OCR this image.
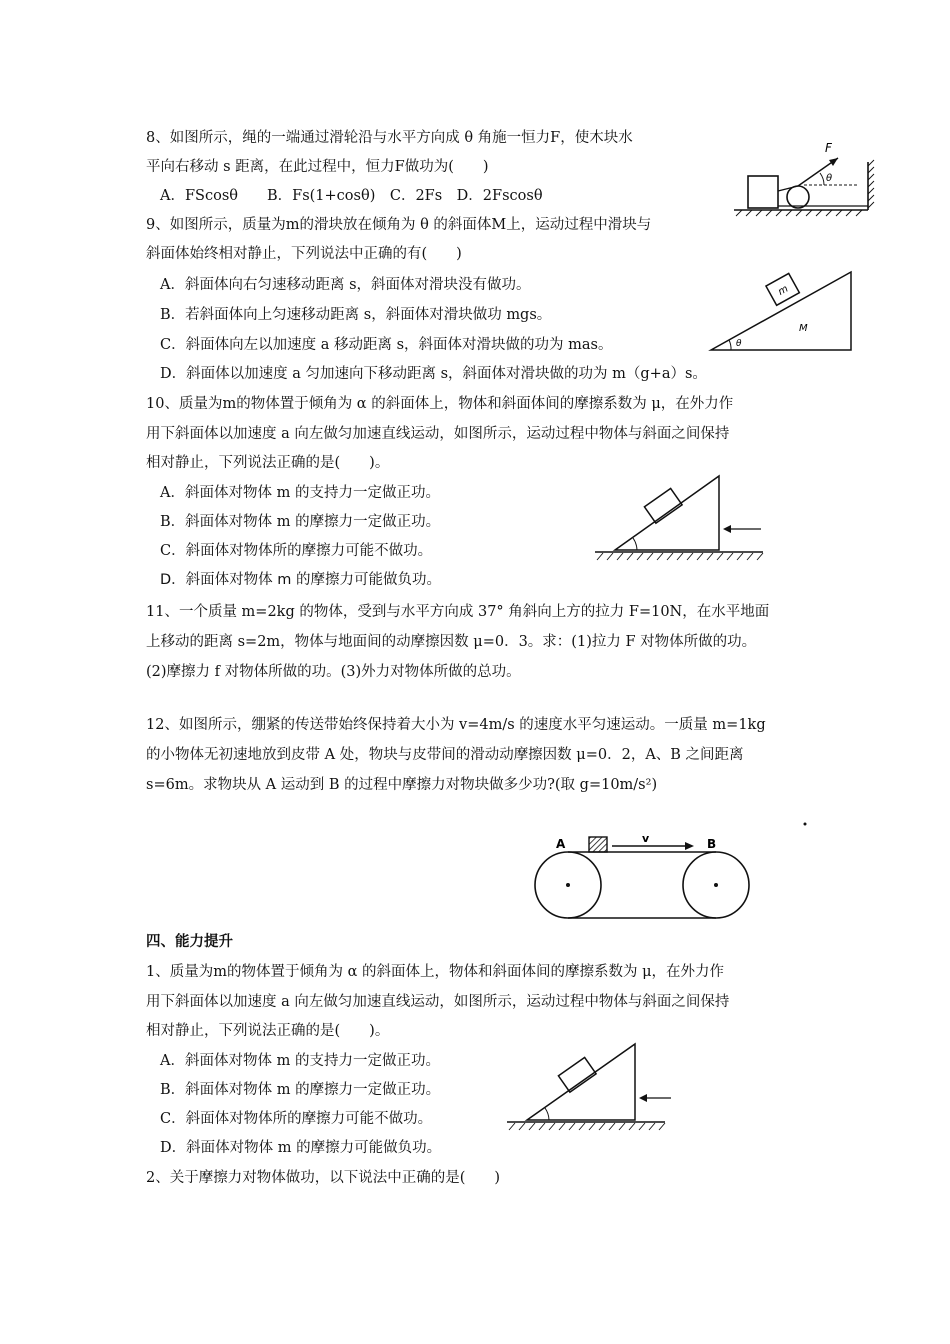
8、如图所示，绳的一端通过滑轮沿与水平方向成 θ 角施一恒力F，使木块水
平向右移动 s 距离，在此过程中，恒力F做功为(　　)
A．FScosθ　　B．Fs(1+cosθ)　C．2Fs　D．2Fscosθ
F
θ
9、如图所示，质量为m的滑块放在倾角为 θ 的斜面体M上，运动过程中滑块与
斜面体始终相对静止，下列说法中正确的有(　　)
A．斜面体向右匀速移动距离 s，斜面体对滑块没有做功。
B．若斜面体向上匀速移动距离 s，斜面体对滑块做功 mgs。
C．斜面体向左以加速度 a 移动距离 s，斜面体对滑块做的功为 mas。
D．斜面体以加速度 a 匀加速向下移动距离 s，斜面体对滑块做的功为 m（g+a）s。
m
M
θ
10、质量为m的物体置于倾角为 α 的斜面体上，物体和斜面体间的摩擦系数为 μ，在外力作
用下斜面体以加速度 a 向左做匀加速直线运动，如图所示，运动过程中物体与斜面之间保持
相对静止，下列说法正确的是(　　)。
A．斜面体对物体 m 的支持力一定做正功。
B．斜面体对物体 m 的摩擦力一定做正功。
C．斜面体对物体所的摩擦力可能不做功。
D．斜面体对物体 m 的摩擦力可能做负功。
11、一个质量 m=2kg 的物体，受到与水平方向成 37° 角斜向上方的拉力 F=10N，在水平地面
上移动的距离 s=2m，物体与地面间的动摩擦因数 μ=0．3。求：(1)拉力 F 对物体所做的功。
(2)摩擦力 f 对物体所做的功。(3)外力对物体所做的总功。
12、如图所示，绷紧的传送带始终保持着大小为 v=4m/s 的速度水平匀速运动。一质量 m=1kg
的小物体无初速地放到皮带 A 处，物块与皮带间的滑动动摩擦因数 μ=0．2，A、B 之间距离
s=6m。求物块从 A 运动到 B 的过程中摩擦力对物块做多少功?(取 g=10m/s²)
A	B
v
四、能力提升
1、质量为m的物体置于倾角为 α 的斜面体上，物体和斜面体间的摩擦系数为 μ，在外力作
用下斜面体以加速度 a 向左做匀加速直线运动，如图所示，运动过程中物体与斜面之间保持
相对静止，下列说法正确的是(　　)。
A．斜面体对物体 m 的支持力一定做正功。
B．斜面体对物体 m 的摩擦力一定做正功。
C．斜面体对物体所的摩擦力可能不做功。
D．斜面体对物体 m 的摩擦力可能做负功。
2、关于摩擦力对物体做功，以下说法中正确的是(　　)
